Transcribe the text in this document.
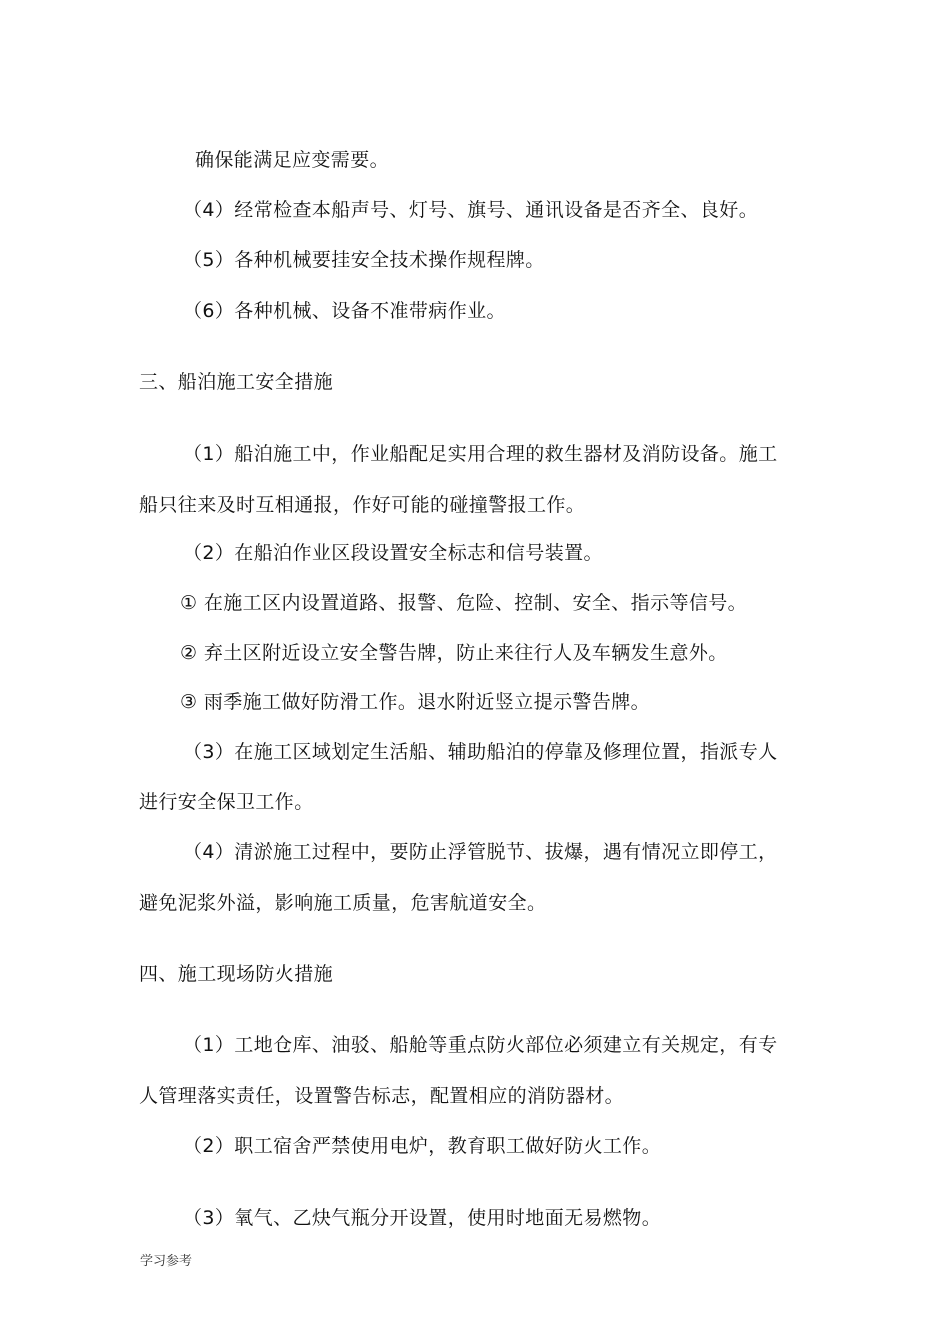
确保能满足应变需要。

（4）经常检查本船声号、灯号、旗号、通讯设备是否齐全、良好。

（5）各种机械要挂安全技术操作规程牌。

（6）各种机械、设备不准带病作业。

三、船泊施工安全措施

（1）船泊施工中，作业船配足实用合理的救生器材及消防设备。施工

船只往来及时互相通报，作好可能的碰撞警报工作。

（2）在船泊作业区段设置安全标志和信号装置。

① 在施工区内设置道路、报警、危险、控制、安全、指示等信号。

② 弃土区附近设立安全警告牌，防止来往行人及车辆发生意外。

③ 雨季施工做好防滑工作。退水附近竖立提示警告牌。

（3）在施工区域划定生活船、辅助船泊的停靠及修理位置，指派专人

进行安全保卫工作。

（4）清淤施工过程中，要防止浮管脱节、拔爆，遇有情况立即停工，

避免泥浆外溢，影响施工质量，危害航道安全。

四、施工现场防火措施

（1）工地仓库、油驳、船舱等重点防火部位必须建立有关规定，有专

人管理落实责任，设置警告标志，配置相应的消防器材。

（2）职工宿舍严禁使用电炉，教育职工做好防火工作。

（3）氧气、乙炔气瓶分开设置，使用时地面无易燃物。

学习参考
